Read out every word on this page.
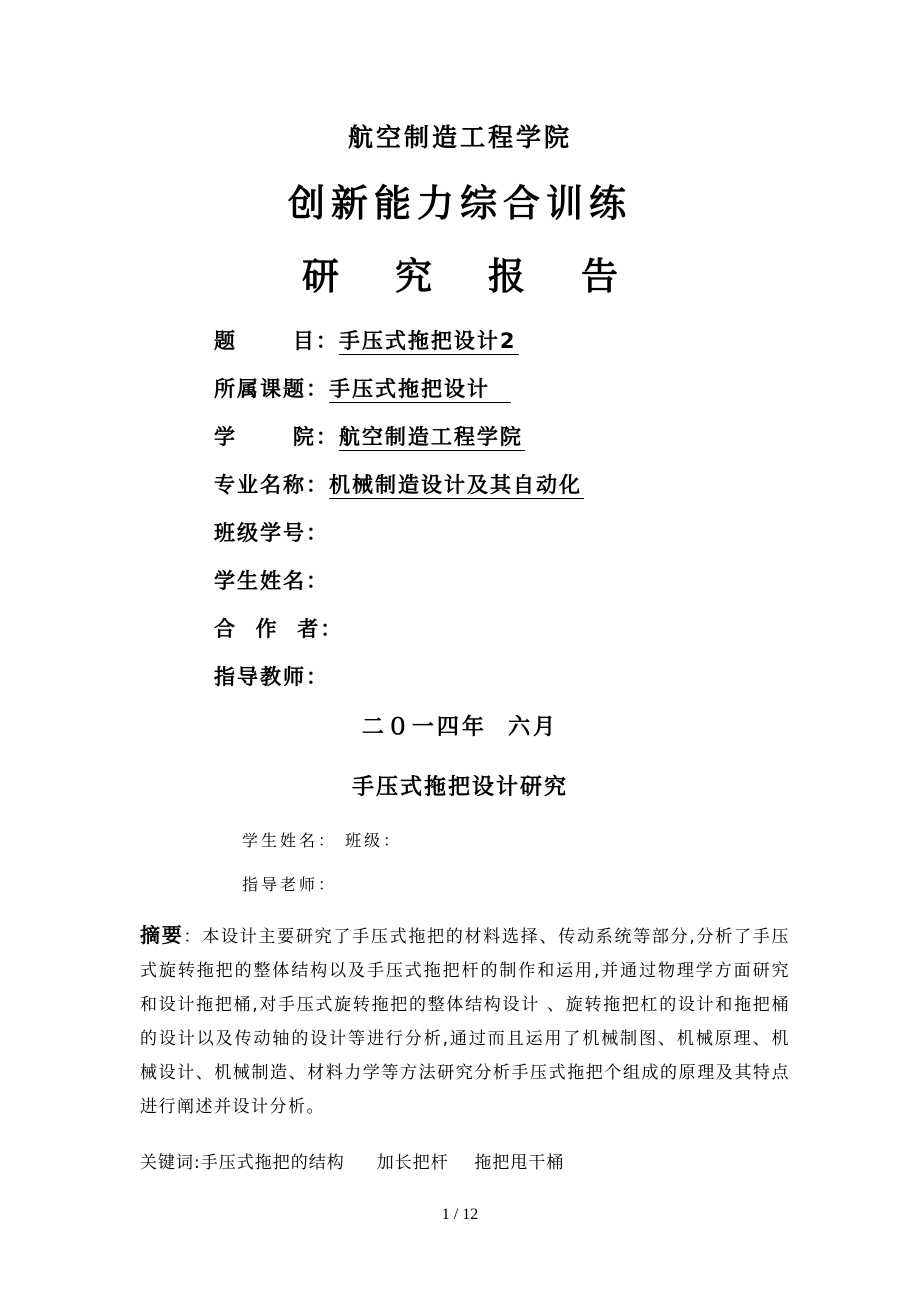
航空制造工程学院
创新能力综合训练
研 究 报 告
题      目：手压式拖把设计2
所属课题：手压式拖把设计
学      院：航空制造工程学院
专业名称：机械制造设计及其自动化
班级学号：
学生姓名：
合  作  者：
指导教师：
二０一四年  六月
手压式拖把设计研究
学生姓名： 班级：
指导老师：
摘要：本设计主要研究了手压式拖把的材料选择、传动系统等部分,分析了手压式旋转拖把的整体结构以及手压式拖把杆的制作和运用,并通过物理学方面研究和设计拖把桶,对手压式旋转拖把的整体结构设计 、旋转拖把杠的设计和拖把桶的设计以及传动轴的设计等进行分析,通过而且运用了机械制图、机械原理、机械设计、机械制造、材料力学等方法研究分析手压式拖把个组成的原理及其特点进行阐述并设计分析。
关键词:手压式拖把的结构     加长把杆    拖把甩干桶
1 / 12
